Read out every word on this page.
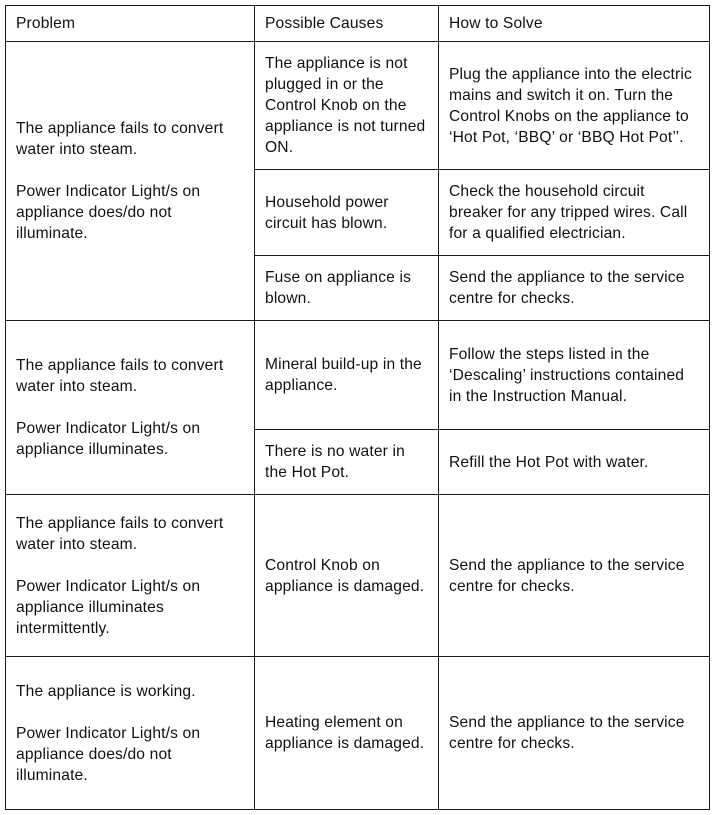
Problem	Possible Causes	How to Solve

The appliance fails to convert water into steam.
Power Indicator Light/s on appliance does/do not illuminate.	The appliance is not plugged in or the Control Knob on the appliance is not turned ON.	Plug the appliance into the electric mains and switch it on. Turn the Control Knobs on the appliance to ‘Hot Pot, ‘BBQ’ or ‘BBQ Hot Pot’’.
	Household power circuit has blown.	Check the household circuit breaker for any tripped wires. Call for a qualified electrician.
	Fuse on appliance is blown.	Send the appliance to the service centre for checks.

The appliance fails to convert water into steam.
Power Indicator Light/s on appliance illuminates.	Mineral build-up in the appliance.	Follow the steps listed in the ‘Descaling’ instructions contained in the Instruction Manual.
	There is no water in the Hot Pot.	Refill the Hot Pot with water.

The appliance fails to convert water into steam.
Power Indicator Light/s on appliance illuminates intermittently.	Control Knob on appliance is damaged.	Send the appliance to the service centre for checks.

The appliance is working.
Power Indicator Light/s on appliance does/do not illuminate.	Heating element on appliance is damaged.	Send the appliance to the service centre for checks.
